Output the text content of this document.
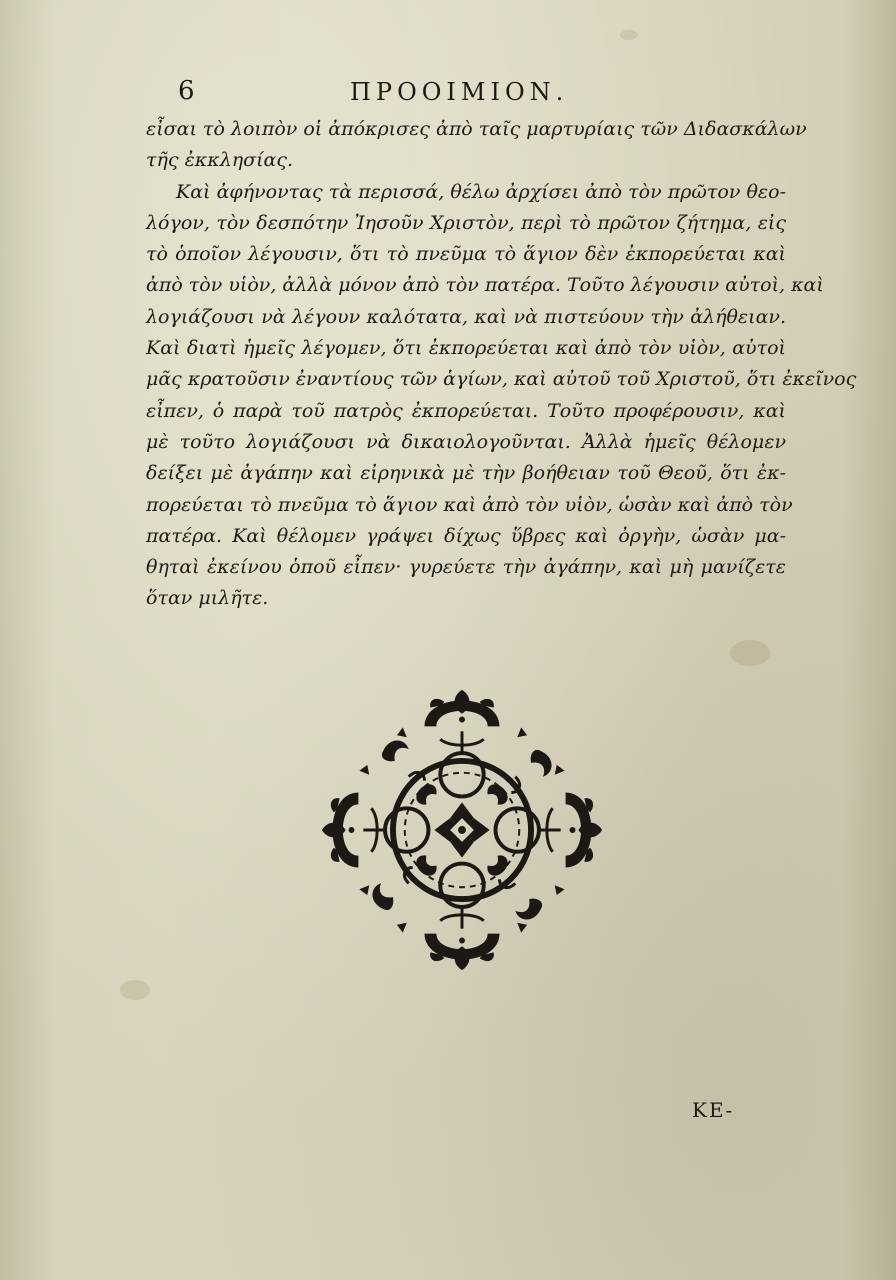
6	ΠΡΟΟΙΜΙΟΝ.
εἶσαι τὸ λοιπὸν οἱ ἀπόκρισες ἀπὸ ταῖς μαρτυρίαις τῶν Διδασκάλων
τῆς ἐκκλησίας.
Καὶ ἀφήνοντας τὰ περισσά, θέλω ἀρχίσει ἀπὸ τὸν πρῶτον θεο-
λόγον, τὸν δεσπότην Ἰησοῦν Χριστὸν, περὶ τὸ πρῶτον ζήτημα, εἰς
τὸ ὁποῖον λέγουσιν, ὅτι τὸ πνεῦμα τὸ ἅγιον δὲν ἐκπορεύεται καὶ
ἀπὸ τὸν υἱὸν, ἀλλὰ μόνον ἀπὸ τὸν πατέρα. Τοῦτο λέγουσιν αὐτοὶ, καὶ
λογιάζουσι νὰ λέγουν καλότατα, καὶ νὰ πιστεύουν τὴν ἀλήθειαν.
Καὶ διατὶ ἡμεῖς λέγομεν, ὅτι ἐκπορεύεται καὶ ἀπὸ τὸν υἱὸν, αὐτοὶ
μᾶς κρατοῦσιν ἐναντίους τῶν ἁγίων, καὶ αὐτοῦ τοῦ Χριστοῦ, ὅτι ἐκεῖνος
εἶπεν, ὁ παρὰ τοῦ πατρὸς ἐκπορεύεται. Τοῦτο προφέρουσιν, καὶ
μὲ τοῦτο λογιάζουσι νὰ δικαιολογοῦνται. Ἀλλὰ ἡμεῖς θέλομεν
δείξει μὲ ἀγάπην καὶ εἰρηνικὰ μὲ τὴν βοήθειαν τοῦ Θεοῦ, ὅτι ἐκ-
πορεύεται τὸ πνεῦμα τὸ ἅγιον καὶ ἀπὸ τὸν υἱὸν, ὡσὰν καὶ ἀπὸ τὸν
πατέρα. Καὶ θέλομεν γράψει δίχως ὕβρες καὶ ὀργὴν, ὡσὰν μα-
θηταὶ ἐκείνου ὁποῦ εἶπεν· γυρεύετε τὴν ἀγάπην, καὶ μὴ μανίζετε
ὅταν μιλῆτε.
ΚΕ-
